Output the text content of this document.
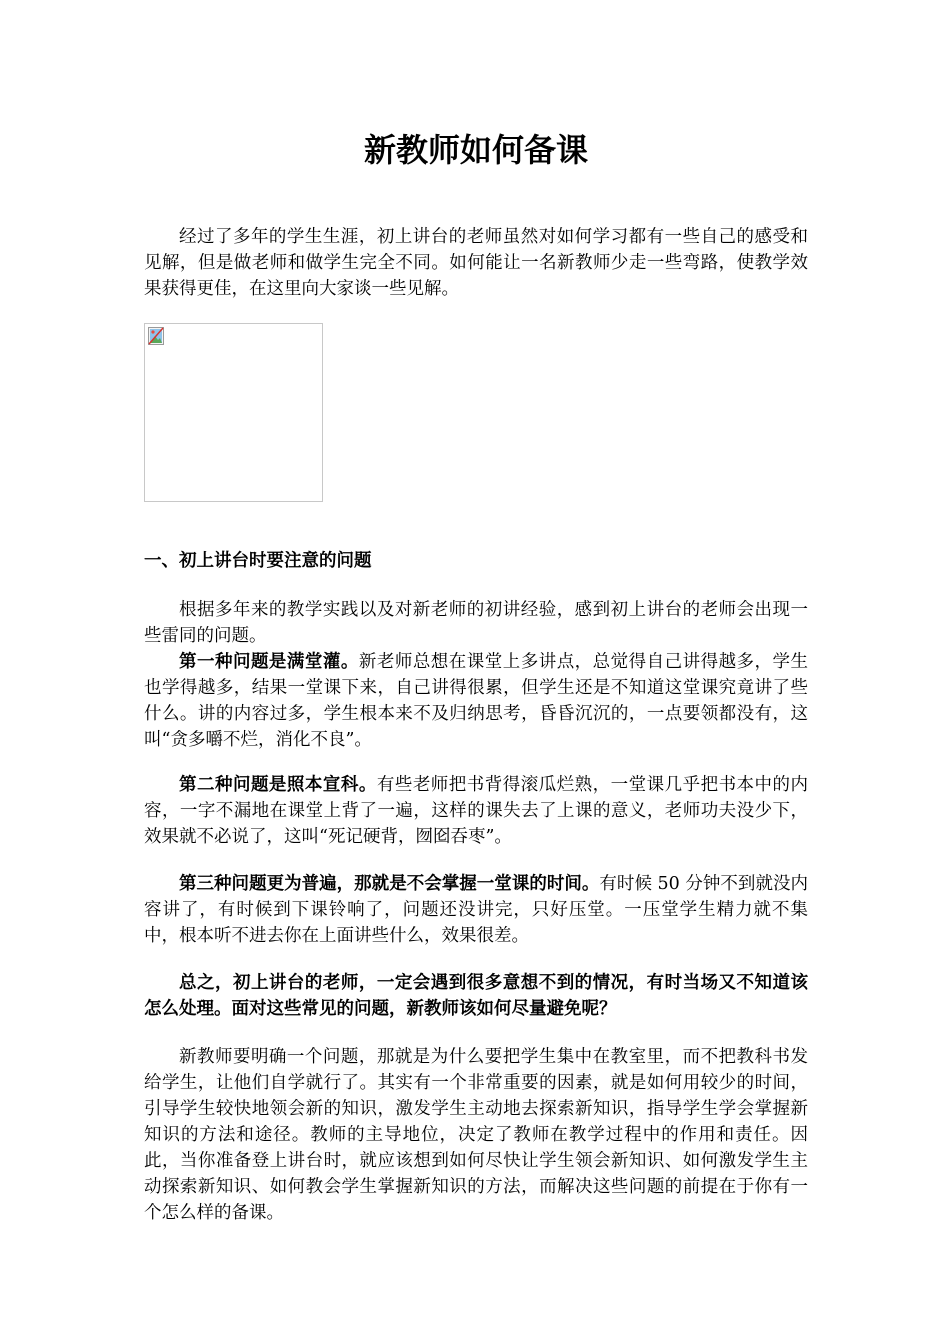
新教师如何备课

经过了多年的学生生涯，初上讲台的老师虽然对如何学习都有一些自己的感受和见解，但是做老师和做学生完全不同。如何能让一名新教师少走一些弯路，使教学效果获得更佳，在这里向大家谈一些见解。

一、初上讲台时要注意的问题

根据多年来的教学实践以及对新老师的初讲经验，感到初上讲台的老师会出现一些雷同的问题。

第一种问题是满堂灌。新老师总想在课堂上多讲点，总觉得自己讲得越多，学生也学得越多，结果一堂课下来，自己讲得很累，但学生还是不知道这堂课究竟讲了些什么。讲的内容过多，学生根本来不及归纳思考，昏昏沉沉的，一点要领都没有，这叫“贪多嚼不烂，消化不良”。

第二种问题是照本宣科。有些老师把书背得滚瓜烂熟，一堂课几乎把书本中的内容，一字不漏地在课堂上背了一遍，这样的课失去了上课的意义，老师功夫没少下，效果就不必说了，这叫“死记硬背，囫囵吞枣”。

第三种问题更为普遍，那就是不会掌握一堂课的时间。有时候 50 分钟不到就没内容讲了，有时候到下课铃响了，问题还没讲完，只好压堂。一压堂学生精力就不集中，根本听不进去你在上面讲些什么，效果很差。

总之，初上讲台的老师，一定会遇到很多意想不到的情况，有时当场又不知道该怎么处理。面对这些常见的问题，新教师该如何尽量避免呢？

新教师要明确一个问题，那就是为什么要把学生集中在教室里，而不把教科书发给学生，让他们自学就行了。其实有一个非常重要的因素，就是如何用较少的时间，引导学生较快地领会新的知识，激发学生主动地去探索新知识，指导学生学会掌握新知识的方法和途径。教师的主导地位，决定了教师在教学过程中的作用和责任。因此，当你准备登上讲台时，就应该想到如何尽快让学生领会新知识、如何激发学生主动探索新知识、如何教会学生掌握新知识的方法，而解决这些问题的前提在于你有一个怎么样的备课。
